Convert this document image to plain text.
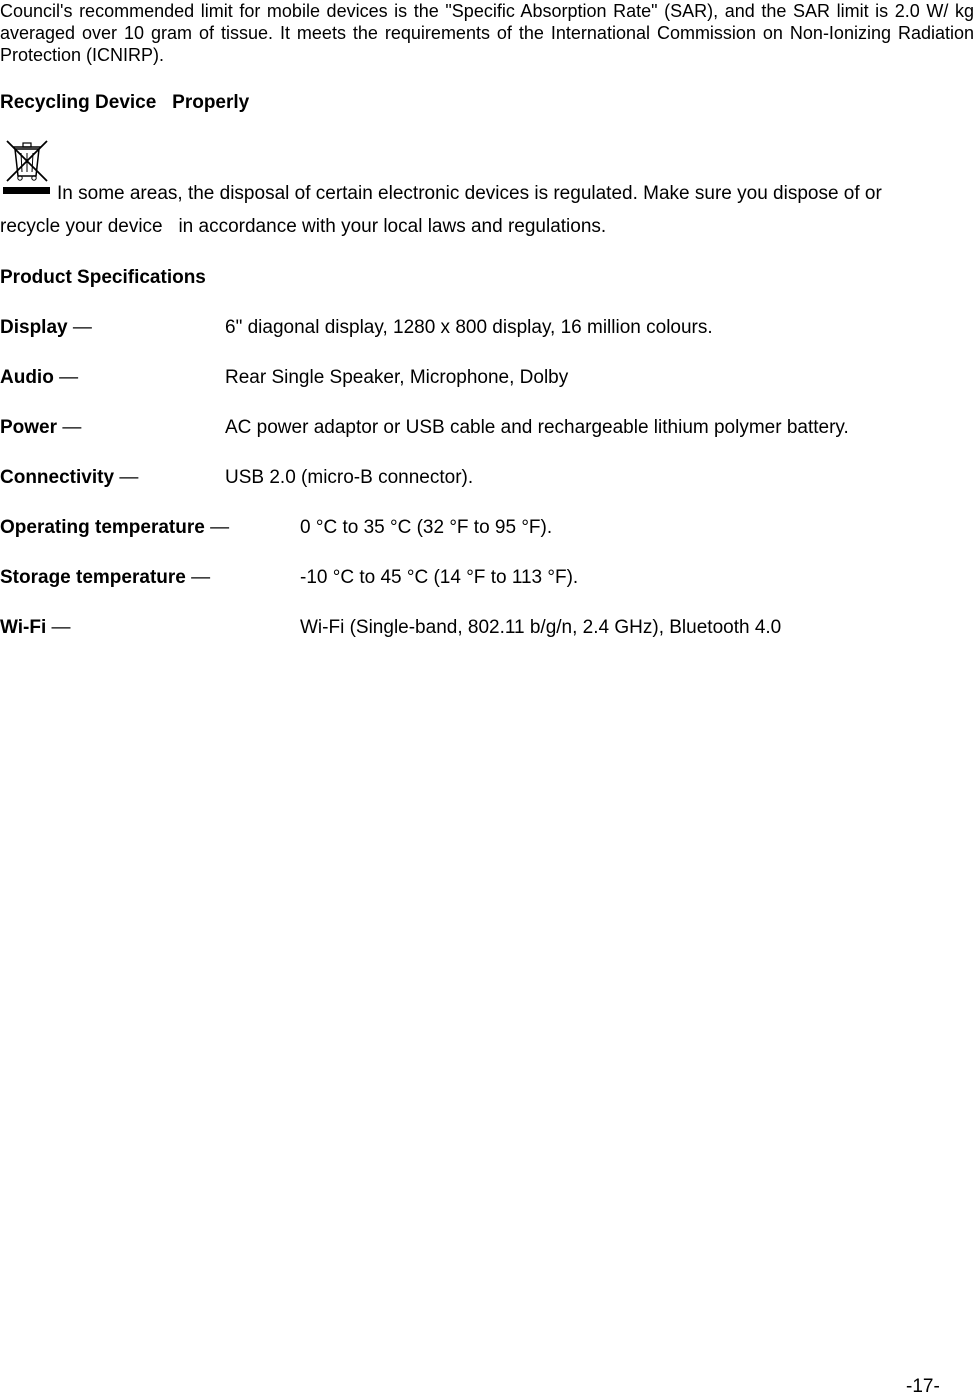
Council's recommended limit for mobile devices is the "Specific Absorption Rate" (SAR), and the SAR limit is 2.0 W/ kg averaged over 10 gram of tissue. It meets the requirements of the International Commission on Non-Ionizing Radiation Protection (ICNIRP).

Recycling Device   Properly

In some areas, the disposal of certain electronic devices is regulated. Make sure you dispose of or

recycle your device   in accordance with your local laws and regulations.

Product Specifications

Display —	6" diagonal display, 1280 x 800 display, 16 million colours.
Audio —	Rear Single Speaker, Microphone, Dolby
Power —	AC power adaptor or USB cable and rechargeable lithium polymer battery.
Connectivity —	USB 2.0 (micro-B connector).
Operating temperature —	0 °C to 35 °C (32 °F to 95 °F).
Storage temperature —	-10 °C to 45 °C (14 °F to 113 °F).
Wi-Fi —	Wi-Fi (Single-band, 802.11 b/g/n, 2.4 GHz), Bluetooth 4.0
-17-
